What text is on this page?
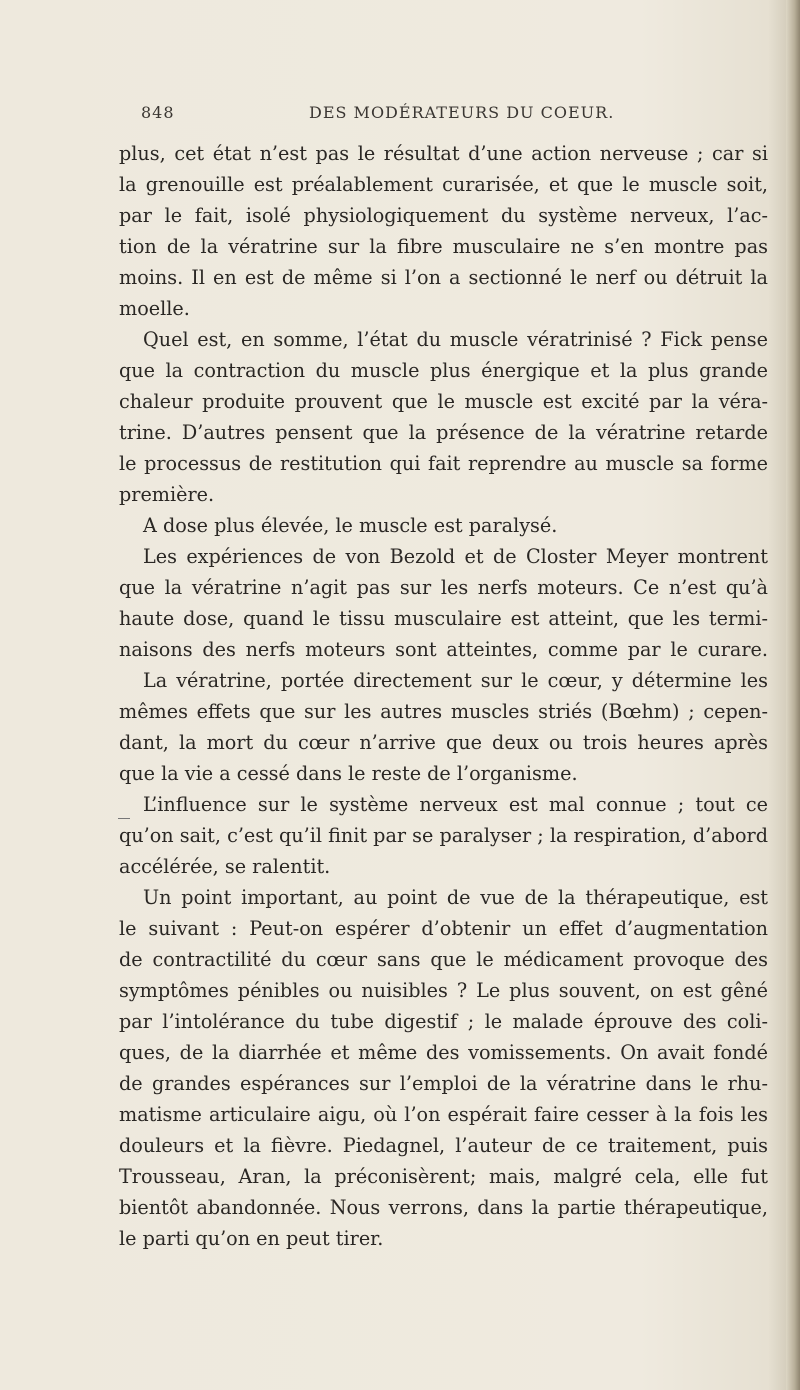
848	DES MODÉRATEURS DU COEUR.
plus, cet état n’est pas le résultat d’une action nerveuse ; car si
la grenouille est préalablement curarisée, et que le muscle soit,
par le fait, isolé physiologiquement du système nerveux, l’ac-
tion de la vératrine sur la fibre musculaire ne s’en montre pas
moins. Il en est de même si l’on a sectionné le nerf ou détruit la
moelle.
Quel est, en somme, l’état du muscle vératrinisé ? Fick pense
que la contraction du muscle plus énergique et la plus grande
chaleur produite prouvent que le muscle est excité par la véra-
trine. D’autres pensent que la présence de la vératrine retarde
le processus de restitution qui fait reprendre au muscle sa forme
première.
A dose plus élevée, le muscle est paralysé.
Les expériences de von Bezold et de Closter Meyer montrent
que la vératrine n’agit pas sur les nerfs moteurs. Ce n’est qu’à
haute dose, quand le tissu musculaire est atteint, que les termi-
naisons des nerfs moteurs sont atteintes, comme par le curare.
La vératrine, portée directement sur le cœur, y détermine les
mêmes effets que sur les autres muscles striés (Bœhm) ; cepen-
dant, la mort du cœur n’arrive que deux ou trois heures après
que la vie a cessé dans le reste de l’organisme.
L’influence sur le système nerveux est mal connue ; tout ce
qu’on sait, c’est qu’il finit par se paralyser ; la respiration, d’abord
accélérée, se ralentit.
Un point important, au point de vue de la thérapeutique, est
le suivant : Peut-on espérer d’obtenir un effet d’augmentation
de contractilité du cœur sans que le médicament provoque des
symptômes pénibles ou nuisibles ? Le plus souvent, on est gêné
par l’intolérance du tube digestif ; le malade éprouve des coli-
ques, de la diarrhée et même des vomissements. On avait fondé
de grandes espérances sur l’emploi de la vératrine dans le rhu-
matisme articulaire aigu, où l’on espérait faire cesser à la fois les
douleurs et la fièvre. Piedagnel, l’auteur de ce traitement, puis
Trousseau, Aran, la préconisèrent; mais, malgré cela, elle fut
bientôt abandonnée. Nous verrons, dans la partie thérapeutique,
le parti qu’on en peut tirer.
